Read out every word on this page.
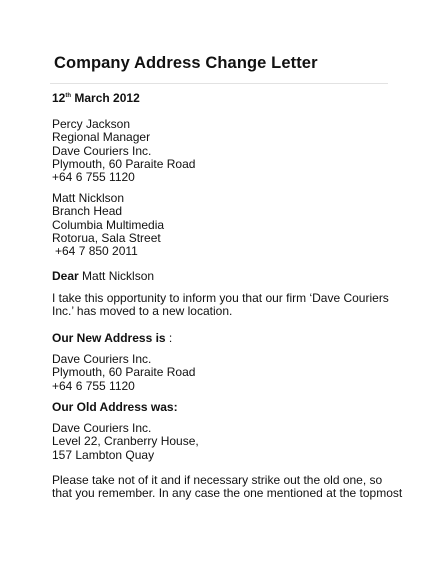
Company Address Change Letter
12th March 2012
Percy Jackson
Regional Manager
Dave Couriers Inc.
Plymouth, 60 Paraite Road
+64 6 755 1120
Matt Nicklson
Branch Head
Columbia Multimedia
Rotorua, Sala Street
+64 7 850 2011
Dear Matt Nicklson
I take this opportunity to inform you that our firm ‘Dave Couriers
Inc.’ has moved to a new location.
Our New Address is :
Dave Couriers Inc.
Plymouth, 60 Paraite Road
+64 6 755 1120
Our Old Address was:
Dave Couriers Inc.
Level 22, Cranberry House,
157 Lambton Quay
Please take not of it and if necessary strike out the old one, so
that you remember. In any case the one mentioned at the topmost
